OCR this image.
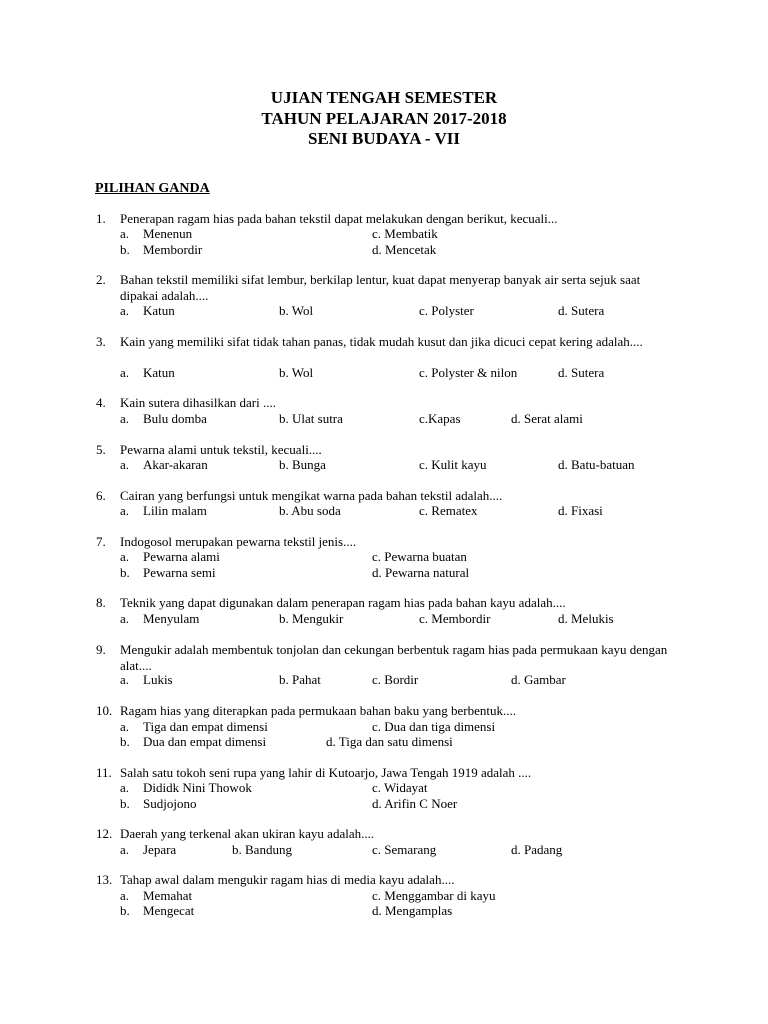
UJIAN TENGAH SEMESTER
TAHUN PELAJARAN 2017-2018
SENI BUDAYA - VII
PILIHAN GANDA
1. Penerapan ragam hias pada bahan tekstil dapat melakukan dengan berikut, kecuali...
a. Menenun	c. Membatik
b. Membordir	d. Mencetak
2. Bahan tekstil memiliki sifat lembur, berkilap lentur, kuat dapat menyerap banyak air serta sejuk saat dipakai adalah....
a. Katun	b. Wol	c. Polyster	d. Sutera
3. Kain yang memiliki sifat tidak tahan panas, tidak mudah kusut dan jika dicuci cepat kering adalah....
a. Katun	b. Wol	c. Polyster & nilon	d. Sutera
4. Kain sutera dihasilkan dari ....
a. Bulu domba	b. Ulat sutra	c.Kapas	d. Serat alami
5. Pewarna alami untuk tekstil, kecuali....
a. Akar-akaran	b. Bunga	c. Kulit kayu	d. Batu-batuan
6. Cairan yang berfungsi untuk mengikat warna pada bahan tekstil adalah....
a. Lilin malam	b. Abu soda	c. Rematex	d. Fixasi
7. Indogosol merupakan pewarna tekstil jenis....
a. Pewarna alami	c. Pewarna buatan
b. Pewarna semi	d. Pewarna natural
8. Teknik yang dapat digunakan dalam penerapan ragam hias pada bahan kayu adalah....
a. Menyulam	b. Mengukir	c. Membordir	d. Melukis
9. Mengukir adalah membentuk tonjolan dan cekungan berbentuk ragam hias pada permukaan kayu dengan alat....
a. Lukis	b. Pahat	c. Bordir	d. Gambar
10. Ragam hias yang diterapkan pada permukaan bahan baku yang berbentuk....
a. Tiga dan empat dimensi	c. Dua dan tiga dimensi
b. Dua dan empat dimensi	d. Tiga dan satu dimensi
11. Salah satu tokoh seni rupa yang lahir di Kutoarjo, Jawa Tengah 1919 adalah ....
a. Dididk Nini Thowok	c. Widayat
b. Sudjojono	d. Arifin C Noer
12. Daerah yang terkenal akan ukiran kayu adalah....
a. Jepara	b. Bandung	c. Semarang	d. Padang
13. Tahap awal dalam mengukir ragam hias di media kayu adalah....
a. Memahat	c. Menggambar di kayu
b. Mengecat	d. Mengamplas
